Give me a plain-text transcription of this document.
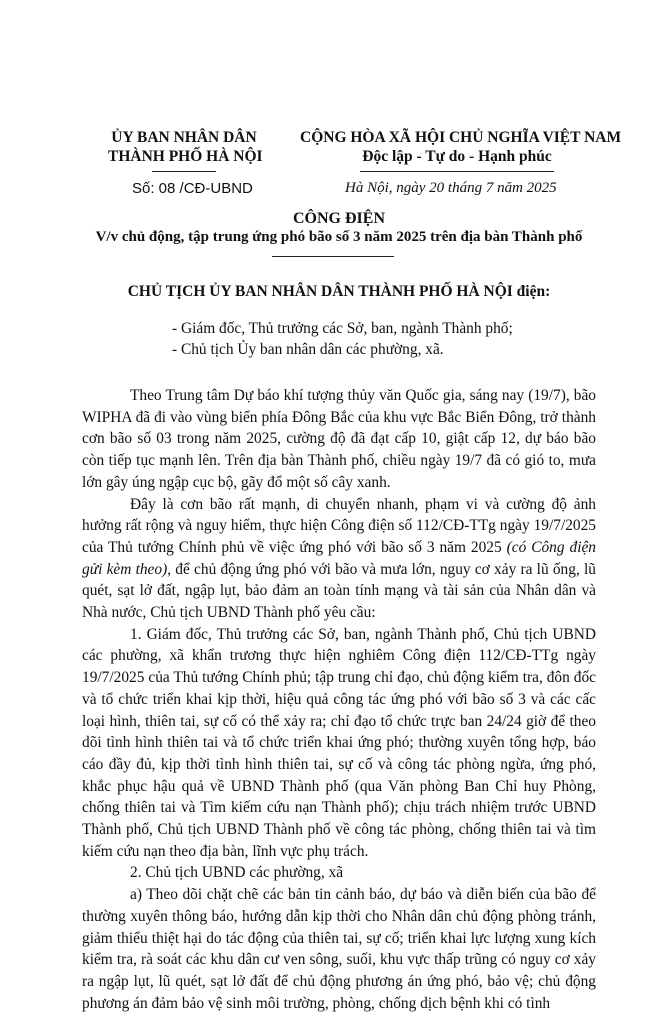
ỦY BAN NHÂN DÂN
THÀNH PHỐ HÀ NỘI
Số: 08 /CĐ-UBND
CỘNG HÒA XÃ HỘI CHỦ NGHĨA VIỆT NAM
Độc lập - Tự do - Hạnh phúc
Hà Nội, ngày 20 tháng 7 năm 2025
CÔNG ĐIỆN
V/v chủ động, tập trung ứng phó bão số 3 năm 2025 trên địa bàn Thành phố
CHỦ TỊCH ỦY BAN NHÂN DÂN THÀNH PHỐ HÀ NỘI điện:
- Giám đốc, Thủ trưởng các Sở, ban, ngành Thành phố;
- Chủ tịch Ủy ban nhân dân các phường, xã.

Theo Trung tâm Dự báo khí tượng thủy văn Quốc gia, sáng nay (19/7), bão WIPHA đã đi vào vùng biển phía Đông Bắc của khu vực Bắc Biển Đông, trở thành cơn bão số 03 trong năm 2025, cường độ đã đạt cấp 10, giật cấp 12, dự báo bão còn tiếp tục mạnh lên. Trên địa bàn Thành phố, chiều ngày 19/7 đã có gió to, mưa lớn gây úng ngập cục bộ, gãy đổ một số cây xanh.

Đây là cơn bão rất mạnh, di chuyển nhanh, phạm vi và cường độ ảnh hưởng rất rộng và nguy hiểm, thực hiện Công điện số 112/CĐ-TTg ngày 19/7/2025 của Thủ tướng Chính phủ về việc ứng phó với bão số 3 năm 2025 (có Công điện gửi kèm theo), để chủ động ứng phó với bão và mưa lớn, nguy cơ xảy ra lũ ống, lũ quét, sạt lở đất, ngập lụt, bảo đảm an toàn tính mạng và tài sản của Nhân dân và Nhà nước, Chủ tịch UBND Thành phố yêu cầu:

1. Giám đốc, Thủ trưởng các Sở, ban, ngành Thành phố, Chủ tịch UBND các phường, xã khẩn trương thực hiện nghiêm Công điện 112/CĐ-TTg ngày 19/7/2025 của Thủ tướng Chính phủ; tập trung chỉ đạo, chủ động kiểm tra, đôn đốc và tổ chức triển khai kịp thời, hiệu quả công tác ứng phó với bão số 3 và các cấc loại hình, thiên tai, sự cố có thể xảy ra; chỉ đạo tổ chức trực ban 24/24 giờ để theo dõi tình hình thiên tai và tổ chức triển khai ứng phó; thường xuyên tổng hợp, báo cáo đầy đủ, kịp thời tình hình thiên tai, sự cố và công tác phòng ngừa, ứng phó, khắc phục hậu quả về UBND Thành phố (qua Văn phòng Ban Chỉ huy Phòng, chống thiên tai và Tìm kiếm cứu nạn Thành phố); chịu trách nhiệm trước UBND Thành phố, Chủ tịch UBND Thành phố về công tác phòng, chống thiên tai và tìm kiếm cứu nạn theo địa bàn, lĩnh vực phụ trách.

2. Chủ tịch UBND các phường, xã

a) Theo dõi chặt chẽ các bản tin cảnh báo, dự báo và diễn biến của bão để thường xuyên thông báo, hướng dẫn kịp thời cho Nhân dân chủ động phòng tránh, giảm thiểu thiệt hại do tác động của thiên tai, sự cố; triển khai lực lượng xung kích kiểm tra, rà soát các khu dân cư ven sông, suối, khu vực thấp trũng có nguy cơ xảy ra ngập lụt, lũ quét, sạt lở đất để chủ động phương án ứng phó, bảo vệ; chủ động phương án đảm bảo vệ sinh môi trường, phòng, chống dịch bệnh khi có tình
